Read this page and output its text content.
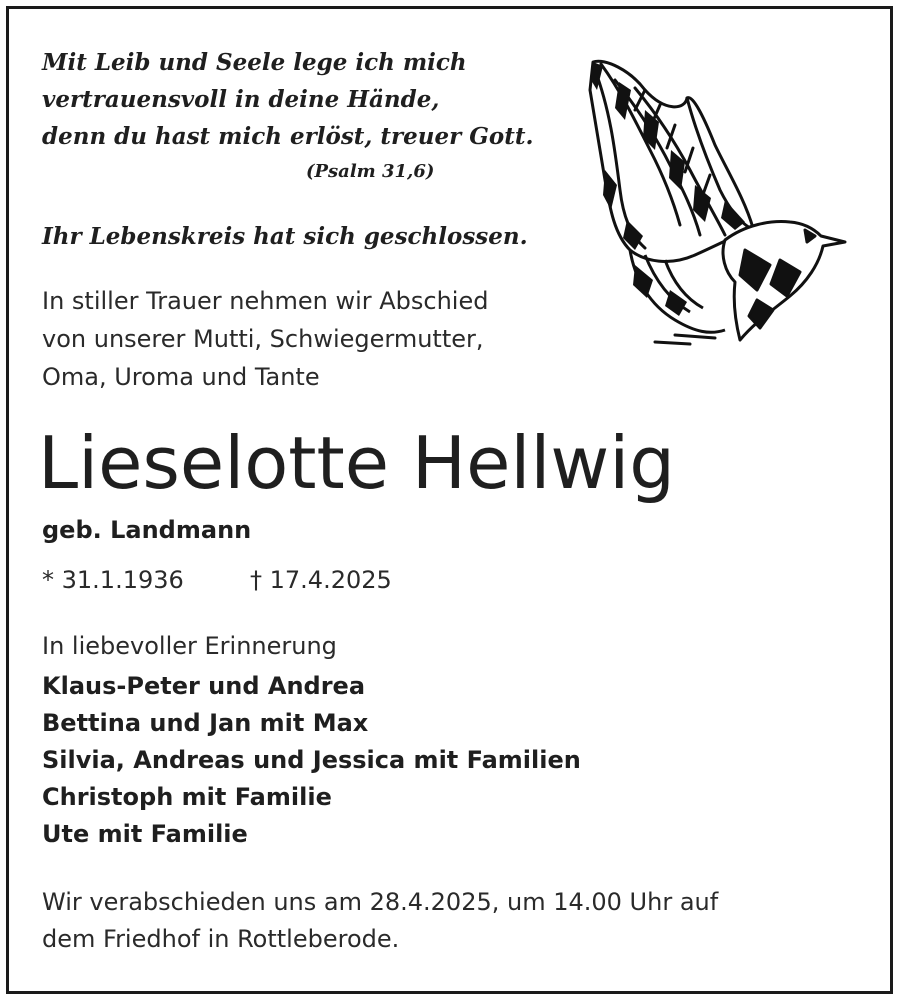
Mit Leib und Seele lege ich mich
vertrauensvoll in deine Hände,
denn du hast mich erlöst, treuer Gott.
(Psalm 31,6)
Ihr Lebenskreis hat sich geschlossen.
In stiller Trauer nehmen wir Abschied
von unserer Mutti, Schwiegermutter,
Oma, Uroma und Tante
Lieselotte Hellwig
geb. Landmann
* 31.1.1936	† 17.4.2025
In liebevoller Erinnerung
Klaus-Peter und Andrea
Bettina und Jan mit Max
Silvia, Andreas und Jessica mit Familien
Christoph mit Familie
Ute mit Familie
Wir verabschieden uns am 28.4.2025, um 14.00 Uhr auf
dem Friedhof in Rottleberode.
